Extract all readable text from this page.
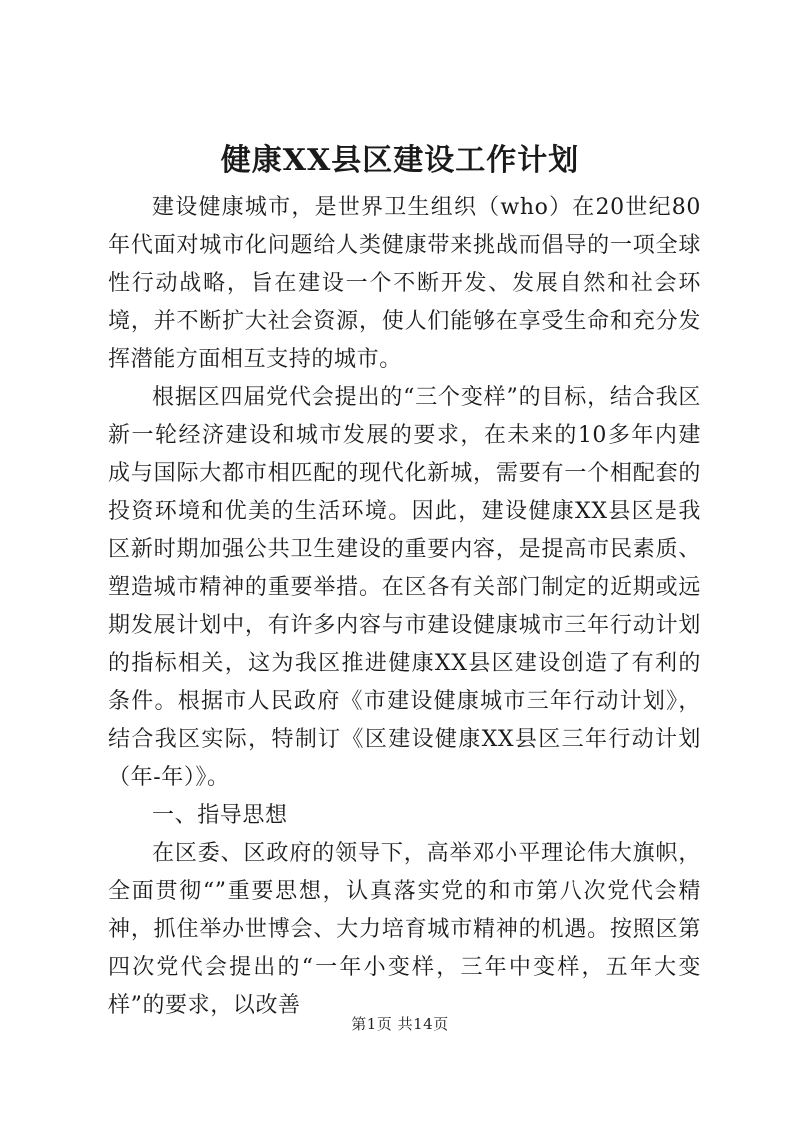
健康XX县区建设工作计划

建设健康城市，是世界卫生组织（who）在20世纪80年代面对城市化问题给人类健康带来挑战而倡导的一项全球性行动战略，旨在建设一个不断开发、发展自然和社会环境，并不断扩大社会资源，使人们能够在享受生命和充分发挥潜能方面相互支持的城市。

根据区四届党代会提出的“三个变样”的目标，结合我区新一轮经济建设和城市发展的要求，在未来的10多年内建成与国际大都市相匹配的现代化新城，需要有一个相配套的投资环境和优美的生活环境。因此，建设健康XX县区是我区新时期加强公共卫生建设的重要内容，是提高市民素质、塑造城市精神的重要举措。在区各有关部门制定的近期或远期发展计划中，有许多内容与市建设健康城市三年行动计划的指标相关，这为我区推进健康XX县区建设创造了有利的条件。根据市人民政府《市建设健康城市三年行动计划》，结合我区实际，特制订《区建设健康XX县区三年行动计划（年-年）》。

一、指导思想

在区委、区政府的领导下，高举邓小平理论伟大旗帜，全面贯彻“”重要思想，认真落实党的和市第八次党代会精神，抓住举办世博会、大力培育城市精神的机遇。按照区第四次党代会提出的“一年小变样，三年中变样，五年大变样”的要求，以改善

第1页 共14页
